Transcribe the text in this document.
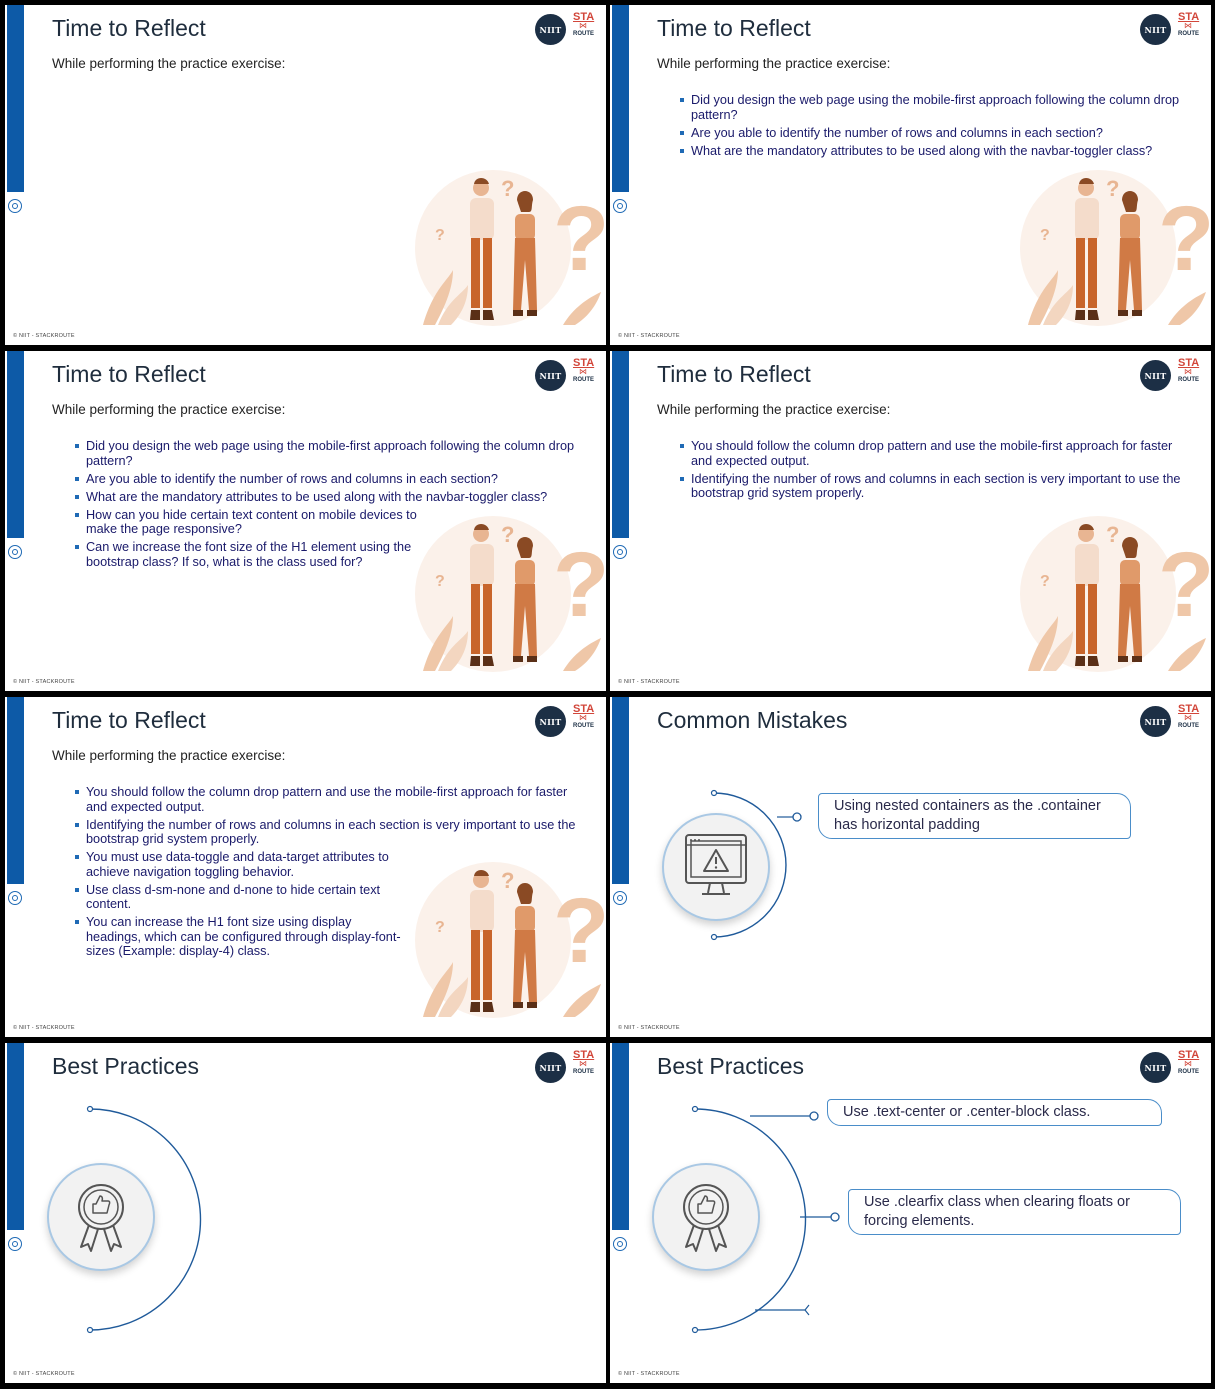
Time to Reflect
While performing the practice exercise:
NIIT
STA
⋈
ROUTE
?
?
?
© NIIT - STACKROUTE
Time to Reflect
While performing the practice exercise:
NIIT
STA
⋈
ROUTE
Did you design the web page using the mobile-first approach following the column drop pattern?
Are you able to identify the number of rows and columns in each section?
What are the mandatory attributes to be used along with the navbar-toggler class?
?
?
?
© NIIT - STACKROUTE
Time to Reflect
While performing the practice exercise:
NIIT
STA
⋈
ROUTE
?
?
?
Did you design the web page using the mobile-first approach following the column drop pattern?
Are you able to identify the number of rows and columns in each section?
What are the mandatory attributes to be used along with the navbar-toggler class?
How can you hide certain text content on mobile devices to make the page responsive?
Can we increase the font size of the H1 element using the bootstrap class? If so, what is the class used for?
© NIIT - STACKROUTE
Time to Reflect
While performing the practice exercise:
NIIT
STA
⋈
ROUTE
You should follow the column drop pattern and use the mobile-first approach for faster and expected output.
Identifying the number of rows and columns in each section is very important to use the bootstrap grid system properly.
?
?
?
© NIIT - STACKROUTE
Time to Reflect
While performing the practice exercise:
NIIT
STA
⋈
ROUTE
?
?
?
You should follow the column drop pattern and use the mobile-first approach for faster and expected output.
Identifying the number of rows and columns in each section is very important to use the bootstrap grid system properly.
You must use data-toggle and data-target attributes to achieve navigation toggling behavior.
Use class d-sm-none and d-none to hide certain text content.
You can increase the H1 font size using display headings, which can be configured through display-font-sizes (Example: display-4) class.
© NIIT - STACKROUTE
Common Mistakes	NIIT
STA
⋈
ROUTE
Using nested containers as the .container has horizontal padding
© NIIT - STACKROUTE
Best Practices	NIIT
STA
⋈
ROUTE
© NIIT - STACKROUTE
Best Practices	NIIT
STA
⋈
ROUTE
Use .text-center or .center-block class.
Use .clearfix class when clearing floats or forcing elements.
© NIIT - STACKROUTE
